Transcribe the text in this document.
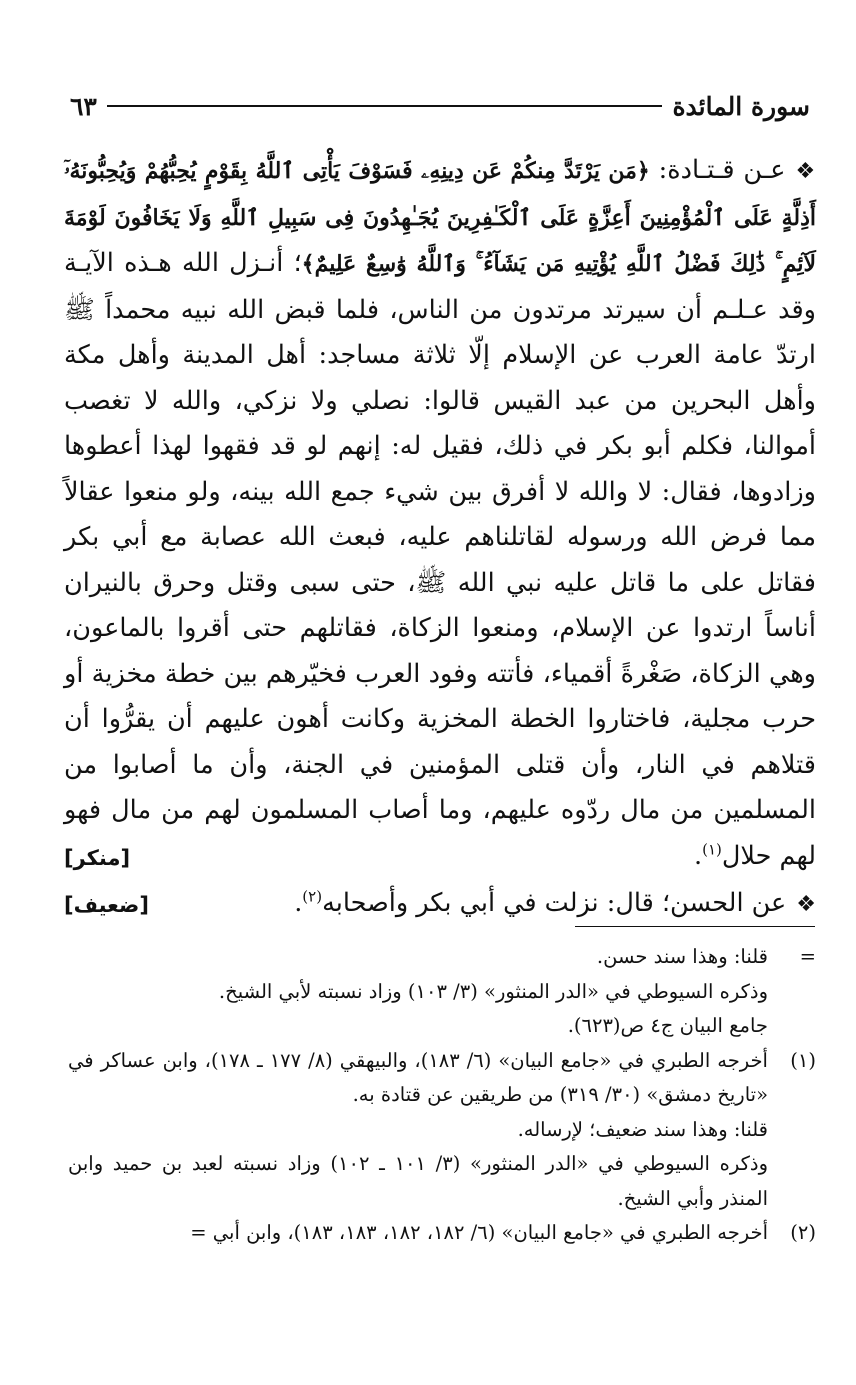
سورة المائدة
٦٣

❖عـن قـتـادة: ﴿مَن يَرْتَدَّ مِنكُمْ عَن دِينِهِۦ فَسَوْفَ يَأْتِى ٱللَّهُ بِقَوْمٍ يُحِبُّهُمْ وَيُحِبُّونَهُۥٓ أَذِلَّةٍ عَلَى ٱلْمُؤْمِنِينَ أَعِزَّةٍ عَلَى ٱلْكَـٰفِرِينَ يُجَـٰهِدُونَ فِى سَبِيلِ ٱللَّهِ وَلَا يَخَافُونَ لَوْمَةَ لَآئِمٍ ۚ ذَٰلِكَ فَضْلُ ٱللَّهِ يُؤْتِيهِ مَن يَشَآءُ ۚ وَٱللَّهُ وَٰسِعٌ عَلِيمٌ﴾؛ أنـزل الله هـذه الآيـة وقد عـلـم أن سيرتد مرتدون من الناس، فلما قبض الله نبيه محمداً ﷺ ارتدّ عامة العرب عن الإسلام إلّا ثلاثة مساجد: أهل المدينة وأهل مكة وأهل البحرين من عبد القيس قالوا: نصلي ولا نزكي، والله لا تغصب أموالنا، فكلم أبو بكر في ذلك، فقيل له: إنهم لو قد فقهوا لهذا أعطوها وزادوها، فقال: لا والله لا أفرق بين شيء جمع الله بينه، ولو منعوا عقالاً مما فرض الله ورسوله لقاتلناهم عليه، فبعث الله عصابة مع أبي بكر فقاتل على ما قاتل عليه نبي الله ﷺ، حتى سبى وقتل وحرق بالنيران أناساً ارتدوا عن الإسلام، ومنعوا الزكاة، فقاتلهم حتى أقروا بالماعون، وهي الزكاة، صَغْرةً أقمياء، فأتته وفود العرب فخيّرهم بين خطة مخزية أو حرب مجلية، فاختاروا الخطة المخزية وكانت أهون عليهم أن يقرُّوا أن قتلاهم في النار، وأن قتلى المؤمنين في الجنة، وأن ما أصابوا من المسلمين من مال ردّوه عليهم، وما أصاب المسلمون لهم من مال فهو لهم حلال$^{(١)}$.
[منكر]

❖عن الحسن؛ قال: نزلت في أبي بكر وأصحابه$^{(٢)}$.
[ضعيف]

=
قلنا: وهذا سند حسن.
وذكره السيوطي في «الدر المنثور» (٣/ ١٠٣) وزاد نسبته لأبي الشيخ.
جامع البيان ج٤ ص(٦٢٣).
(١)
أخرجه الطبري في «جامع البيان» (٦/ ١٨٣)، والبيهقي (٨/ ١٧٧ ـ ١٧٨)، وابن عساكر في «تاريخ دمشق» (٣٠/ ٣١٩) من طريقين عن قتادة به.
قلنا: وهذا سند ضعيف؛ لإرساله.
وذكره السيوطي في «الدر المنثور» (٣/ ١٠١ ـ ١٠٢) وزاد نسبته لعبد بن حميد وابن المنذر وأبي الشيخ.
(٢)
أخرجه الطبري في «جامع البيان» (٦/ ١٨٢، ١٨٢، ١٨٣، ١٨٣)، وابن أبي =
